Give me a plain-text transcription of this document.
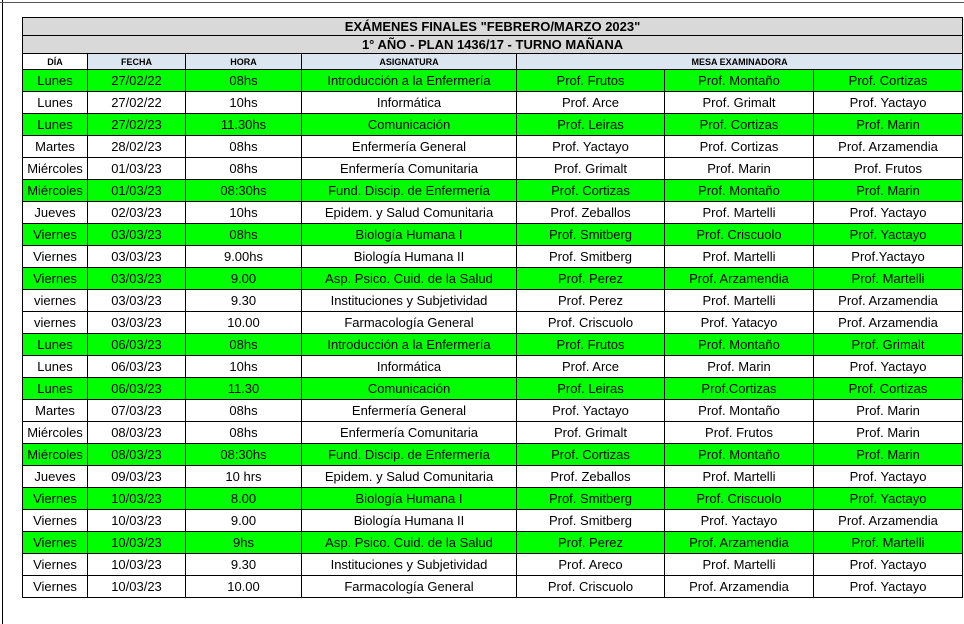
EXÁMENES FINALES "FEBRERO/MARZO 2023"						
1° AÑO - PLAN 1436/17 - TURNO MAÑANA						
DÍA	FECHA	HORA	ASIGNATURA	MESA EXAMINADORA		
Lunes	27/02/22	08hs	Introducción a la Enfermería	Prof. Frutos	Prof. Montaño	Prof. Cortizas
Lunes	27/02/22	10hs	Informática	Prof. Arce	Prof. Grimalt	Prof. Yactayo
Lunes	27/02/23	11.30hs	Comunicación	Prof. Leiras	Prof. Cortizas	Prof. Marin
Martes	28/02/23	08hs	Enfermería General	Prof. Yactayo	Prof. Cortizas	Prof. Arzamendia
Miércoles	01/03/23	08hs	Enfermería Comunitaria	Prof. Grimalt	Prof. Marin	Prof. Frutos
Miércoles	01/03/23	08:30hs	Fund. Discip. de Enfermería	Prof. Cortizas	Prof. Montaño	Prof. Marin
Jueves	02/03/23	10hs	Epidem. y Salud Comunitaria	Prof. Zeballos	Prof. Martelli	Prof. Yactayo
Viernes	03/03/23	08hs	Biología Humana I	Prof. Smitberg	Prof. Criscuolo	Prof. Yactayo
Viernes	03/03/23	9.00hs	Biología Humana II	Prof. Smitberg	Prof. Martelli	Prof.Yactayo
Viernes	03/03/23	9.00	Asp. Psico. Cuid. de la Salud	Prof. Perez	Prof. Arzamendia	Prof. Martelli
viernes	03/03/23	9.30	Instituciones y Subjetividad	Prof. Perez	Prof. Martelli	Prof. Arzamendia
viernes	03/03/23	10.00	Farmacología General	Prof. Criscuolo	Prof. Yatacyo	Prof. Arzamendia
Lunes	06/03/23	08hs	Introducción a la Enfermería	Prof. Frutos	Prof. Montaño	Prof. Grimalt
Lunes	06/03/23	10hs	Informática	Prof. Arce	Prof. Marin	Prof. Yactayo
Lunes	06/03/23	11.30	Comunicación	Prof. Leiras	Prof.Cortizas	Prof. Cortizas
Martes	07/03/23	08hs	Enfermería General	Prof. Yactayo	Prof. Montaño	Prof. Marin
Miércoles	08/03/23	08hs	Enfermería Comunitaria	Prof. Grimalt	Prof. Frutos	Prof. Marin
Miércoles	08/03/23	08:30hs	Fund. Discip. de Enfermería	Prof. Cortizas	Prof. Montaño	Prof. Marin
Jueves	09/03/23	10 hrs	Epidem. y Salud Comunitaria	Prof. Zeballos	Prof. Martelli	Prof. Yactayo
Viernes	10/03/23	8.00	Biología Humana I	Prof. Smitberg	Prof. Criscuolo	Prof. Yactayo
Viernes	10/03/23	9.00	Biología Humana II	Prof. Smitberg	Prof. Yactayo	Prof. Arzamendia
Viernes	10/03/23	9hs	Asp. Psico. Cuid. de la Salud	Prof. Perez	Prof. Arzamendia	Prof. Martelli
Viernes	10/03/23	9.30	Instituciones y Subjetividad	Prof. Areco	Prof. Martelli	Prof. Yactayo
Viernes	10/03/23	10.00	Farmacología General	Prof. Criscuolo	Prof. Arzamendia	Prof. Yactayo
